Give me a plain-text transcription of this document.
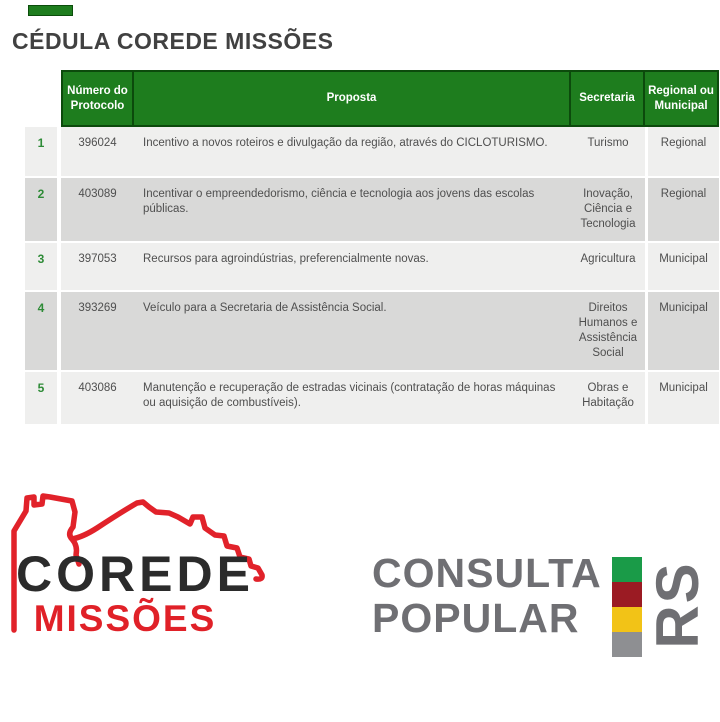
CÉDULA COREDE MISSÕES
	Número do Protocolo	Proposta	Secretaria	Regional ou Municipal
1	396024	Incentivo a novos roteiros e divulgação da região, através do CICLOTURISMO.	Turismo	Regional
2	403089	Incentivar o empreendedorismo, ciência e tecnologia aos jovens das escolas públicas.	Inovação, Ciência e Tecnologia	Regional
3	397053	Recursos para agroindústrias, preferencialmente novas.	Agricultura	Municipal
4	393269	Veículo para a Secretaria de Assistência Social.	Direitos Humanos e Assistência Social	Municipal
5	403086	Manutenção e recuperação de estradas vicinais (contratação de horas máquinas ou aquisição de combustíveis).	Obras e Habitação	Municipal
COREDE
MISSÕES
CONSULTA
POPULAR	RS
